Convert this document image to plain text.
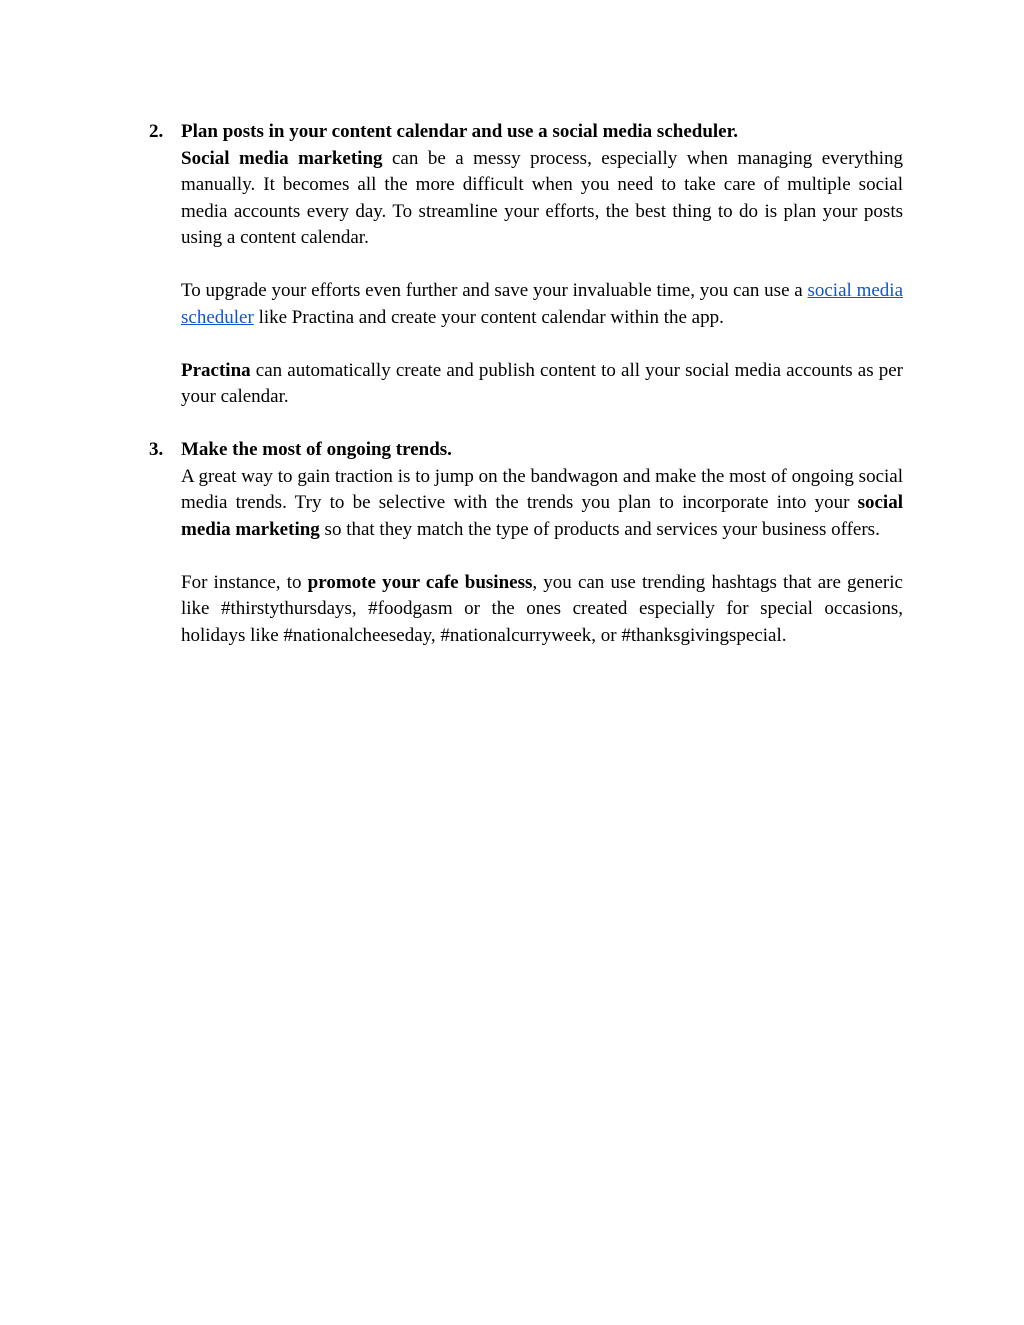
2. Plan posts in your content calendar and use a social media scheduler.

Social media marketing can be a messy process, especially when managing everything manually. It becomes all the more difficult when you need to take care of multiple social media accounts every day. To streamline your efforts, the best thing to do is plan your posts using a content calendar.

To upgrade your efforts even further and save your invaluable time, you can use a social media scheduler like Practina and create your content calendar within the app.

Practina can automatically create and publish content to all your social media accounts as per your calendar.

3. Make the most of ongoing trends.

A great way to gain traction is to jump on the bandwagon and make the most of ongoing social media trends. Try to be selective with the trends you plan to incorporate into your social media marketing so that they match the type of products and services your business offers.

For instance, to promote your cafe business, you can use trending hashtags that are generic like #thirstythursdays, #foodgasm or the ones created especially for special occasions, holidays like #nationalcheeseday, #nationalcurryweek, or #thanksgivingspecial.
